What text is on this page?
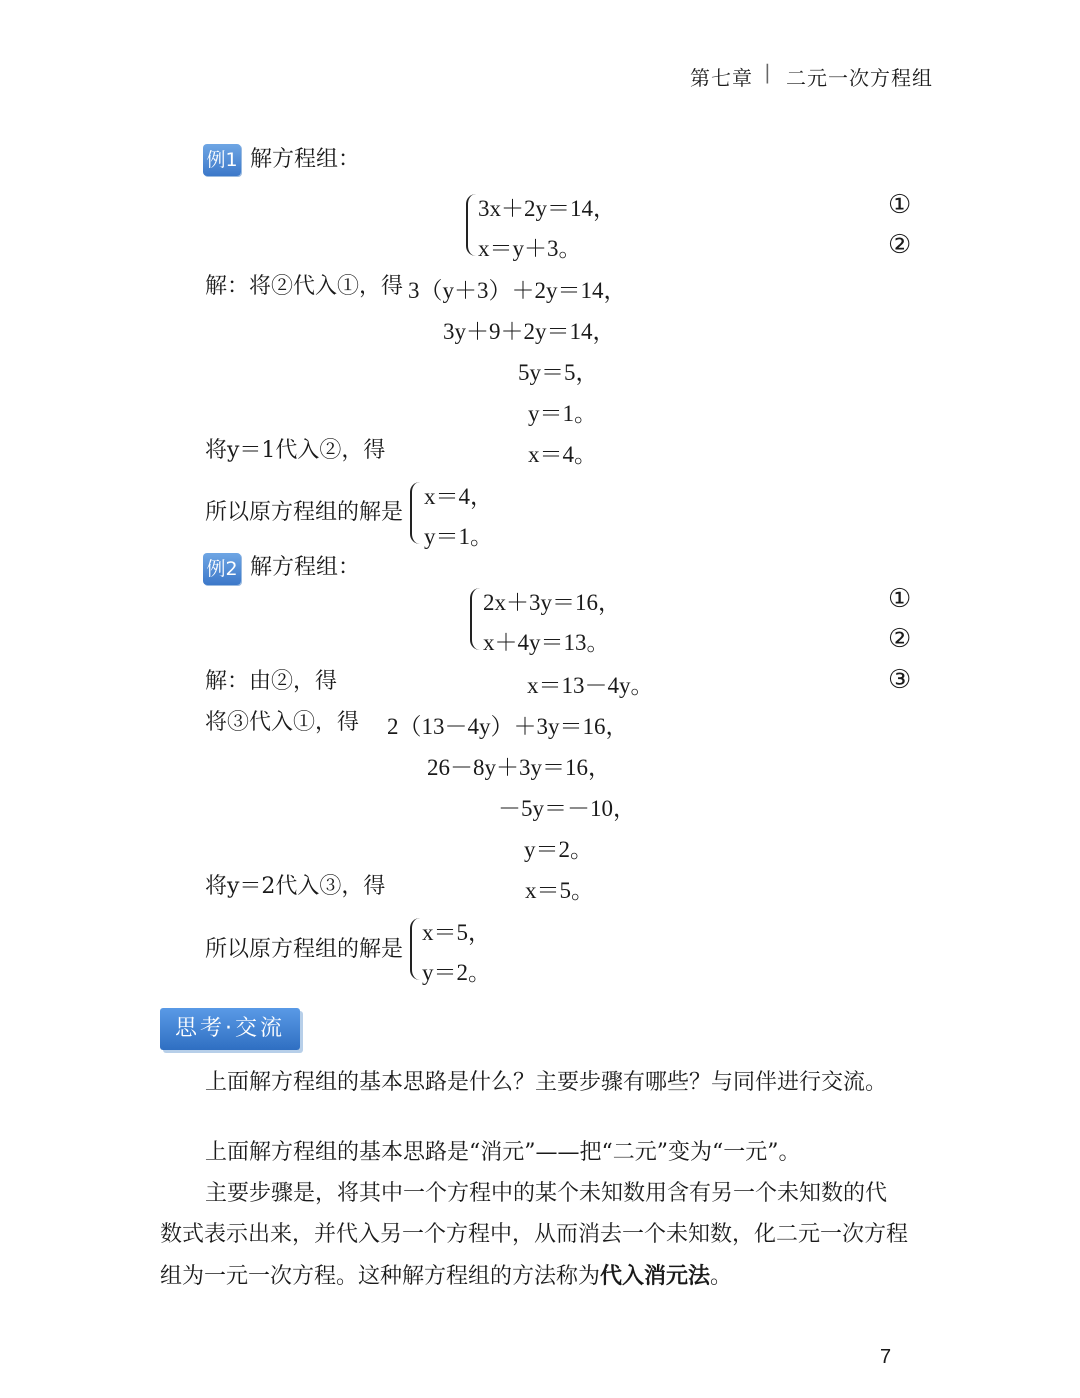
第七章 | 二元一次方程组
例1 解方程组：
3x＋2y＝14，	①
x＝y＋3。	②
解：将②代入①，得 3（y＋3）＋2y＝14，
3y＋9＋2y＝14，
5y＝5，
y＝1。
将y＝1代入②，得	x＝4。
所以原方程组的解是
x＝4，
y＝1。
例2 解方程组：
2x＋3y＝16，	①
x＋4y＝13。	②
解：由②，得	x＝13－4y。	③
将③代入①，得 2（13－4y）＋3y＝16，
26－8y＋3y＝16，
－5y＝－10，
y＝2。
将y＝2代入③，得	x＝5。
所以原方程组的解是
x＝5，
y＝2。
思考·交流
上面解方程组的基本思路是什么？主要步骤有哪些？与同伴进行交流。
上面解方程组的基本思路是“消元”——把“二元”变为“一元”。
主要步骤是，将其中一个方程中的某个未知数用含有另一个未知数的代
数式表示出来，并代入另一个方程中，从而消去一个未知数，化二元一次方程
组为一元一次方程。这种解方程组的方法称为代入消元法。
7
